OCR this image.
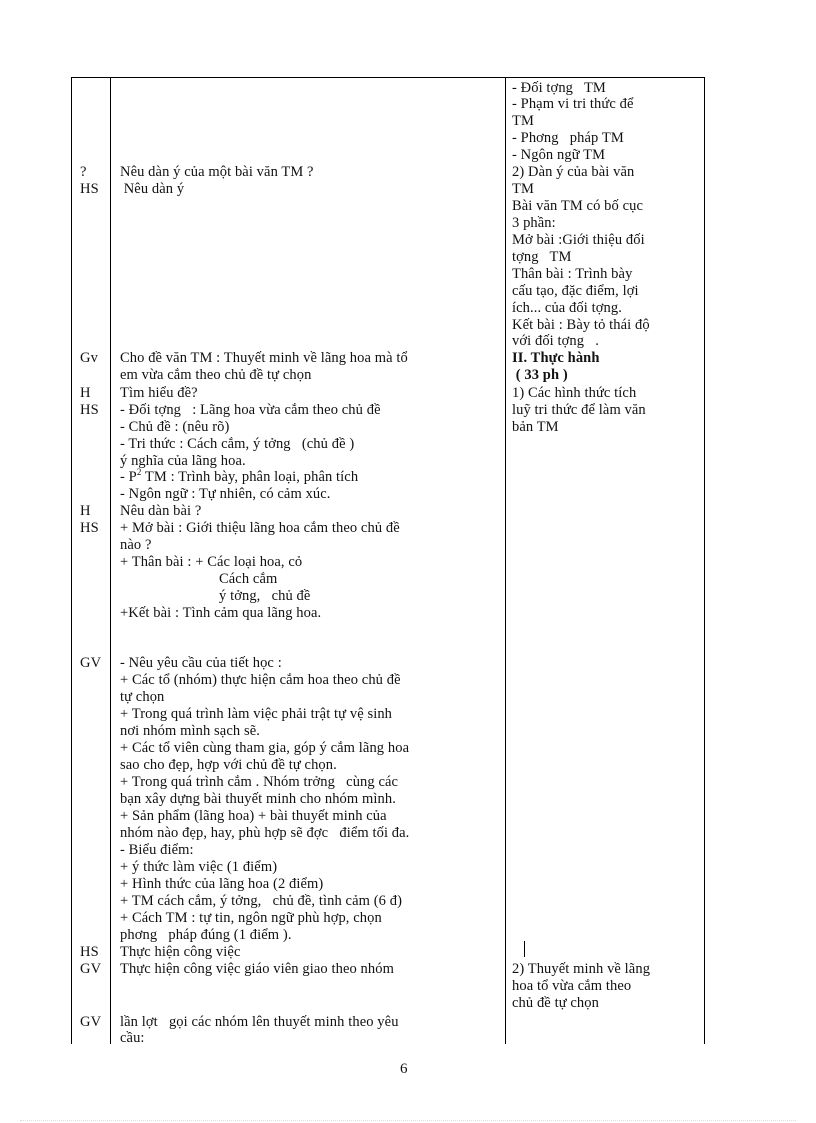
?
HS
Gv
H
HS
H
HS
GV
HS
GV
GV
Nêu dàn ý của một bài văn TM ?
Nêu dàn ý
Cho đề văn TM : Thuyết minh về lãng hoa mà tổ
em vừa cắm theo chủ đề tự chọn
Tìm hiểu đề?
- Đối tợng   : Lãng hoa vừa cắm theo chủ đề
- Chủ đề : (nêu rõ)
- Tri thức : Cách cắm, ý tởng   (chủ đề )
ý nghĩa của lãng hoa.
- $P^2$ TM : Trình bày, phân loại, phân tích
- Ngôn ngữ : Tự nhiên, có cảm xúc.
Nêu dàn bài ?
+ Mở bài : Giới thiệu lãng hoa cắm theo chủ đề
nào ?
+ Thân bài : + Các loại hoa, cỏ
Cách cắm
ý tởng,   chủ đề
+Kết bài : Tình cảm qua lãng hoa.
- Nêu yêu cầu của tiết học :
+ Các tổ (nhóm) thực hiện cắm hoa theo chủ đề
tự chọn
+ Trong quá trình làm việc phải trật tự vệ sinh
nơi nhóm mình sạch sẽ.
+ Các tổ viên cùng tham gia, góp ý cắm lãng hoa
sao cho đẹp, hợp với chủ đề tự chọn.
+ Trong quá trình cắm . Nhóm trởng   cùng các
bạn xây dựng bài thuyết minh cho nhóm mình.
+ Sản phẩm (lãng hoa) + bài thuyết minh của
nhóm nào đẹp, hay, phù hợp sẽ đợc   điểm tối đa.
- Biểu điểm:
+ ý thức làm việc (1 điểm)
+ Hình thức của lãng hoa (2 điểm)
+ TM cách cắm, ý tởng,   chủ đề, tình cảm (6 đ)
+ Cách TM : tự tin, ngôn ngữ phù hợp, chọn
phơng   pháp đúng (1 điểm ).
Thực hiện công việc
Thực hiện công việc giáo viên giao theo nhóm
lần lợt   gọi các nhóm lên thuyết minh theo yêu
cầu:
- Đối tợng   TM
- Phạm vi tri thức để
TM
- Phơng   pháp TM
- Ngôn ngữ TM
2) Dàn ý của bài văn
TM
Bài văn TM có bố cục
3 phần:
Mở bài :Giới thiệu đối
tợng   TM
Thân bài : Trình bày
cấu tạo, đặc điểm, lợi
ích... của đối tợng.
Kết bài : Bày tỏ thái độ
với đối tợng   .
II. Thực hành
( 33 ph )
1) Các hình thức tích
luỹ tri thức để làm văn
bản TM
2) Thuyết minh về lãng
hoa tổ vừa cắm theo
chủ đề tự chọn
6
